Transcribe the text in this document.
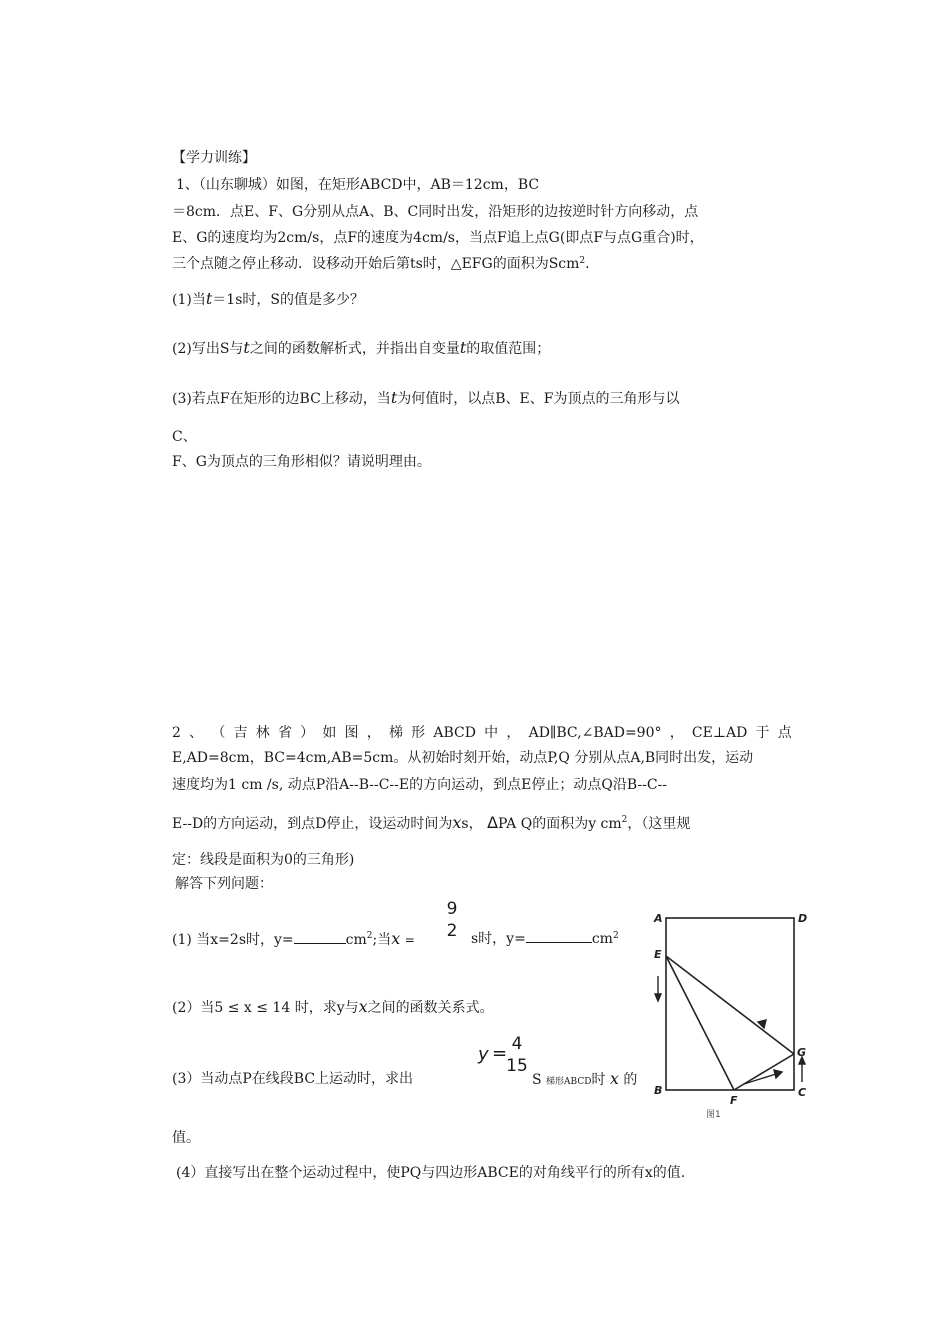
【学力训练】
1、（山东聊城）如图，在矩形ABCD中，AB＝12cm，BC
＝8cm．点E、F、G分别从点A、B、C同时出发，沿矩形的边按逆时针方向移动，点
E、G的速度均为2cm/s，点F的速度为4cm/s，当点F追上点G(即点F与点G重合)时，
三个点随之停止移动．设移动开始后第ts时，△EFG的面积为Scm$^2$.
(1)当t＝1s时，S的值是多少？
(2)写出S与t之间的函数解析式，并指出自变量t的取值范围；
(3)若点F在矩形的边BC上移动，当t为何值时，以点B、E、F为顶点的三角形与以
C、
F、G为顶点的三角形相似？请说明理由。
2 、 （ 吉 林 省 ） 如 图 ， 梯 形 ABCD 中 ， AD∥BC,∠BAD=90° ， CE⊥AD 于 点
E,AD=8cm，BC=4cm,AB=5cm。从初始时刻开始，动点P,Q 分别从点A,B同时出发，运动
速度均为1 cm /s, 动点P沿A--B--C--E的方向运动，到点E停止；动点Q沿B--C--
E--D的方向运动，到点D停止，设运动时间为xs， ΔPA Q的面积为y $cm^2$，（这里规
定：线段是面积为0的三角形)
解答下列问题：
(1) 当x=2s时，y=	$cm^2$;当x =
9
2 s时，y=	$cm^2$
(2）当5 ≤ x ≤ 14 时，求y与x之间的函数关系式。
(3）当动点P在线段BC上运动时，求出
y = 4
15
S 梯形ABCD时 x 的
值。
(4）直接写出在整个运动过程中，使PQ与四边形ABCE的对角线平行的所有x的值.
A	D
E
G
B	C
F
图1
